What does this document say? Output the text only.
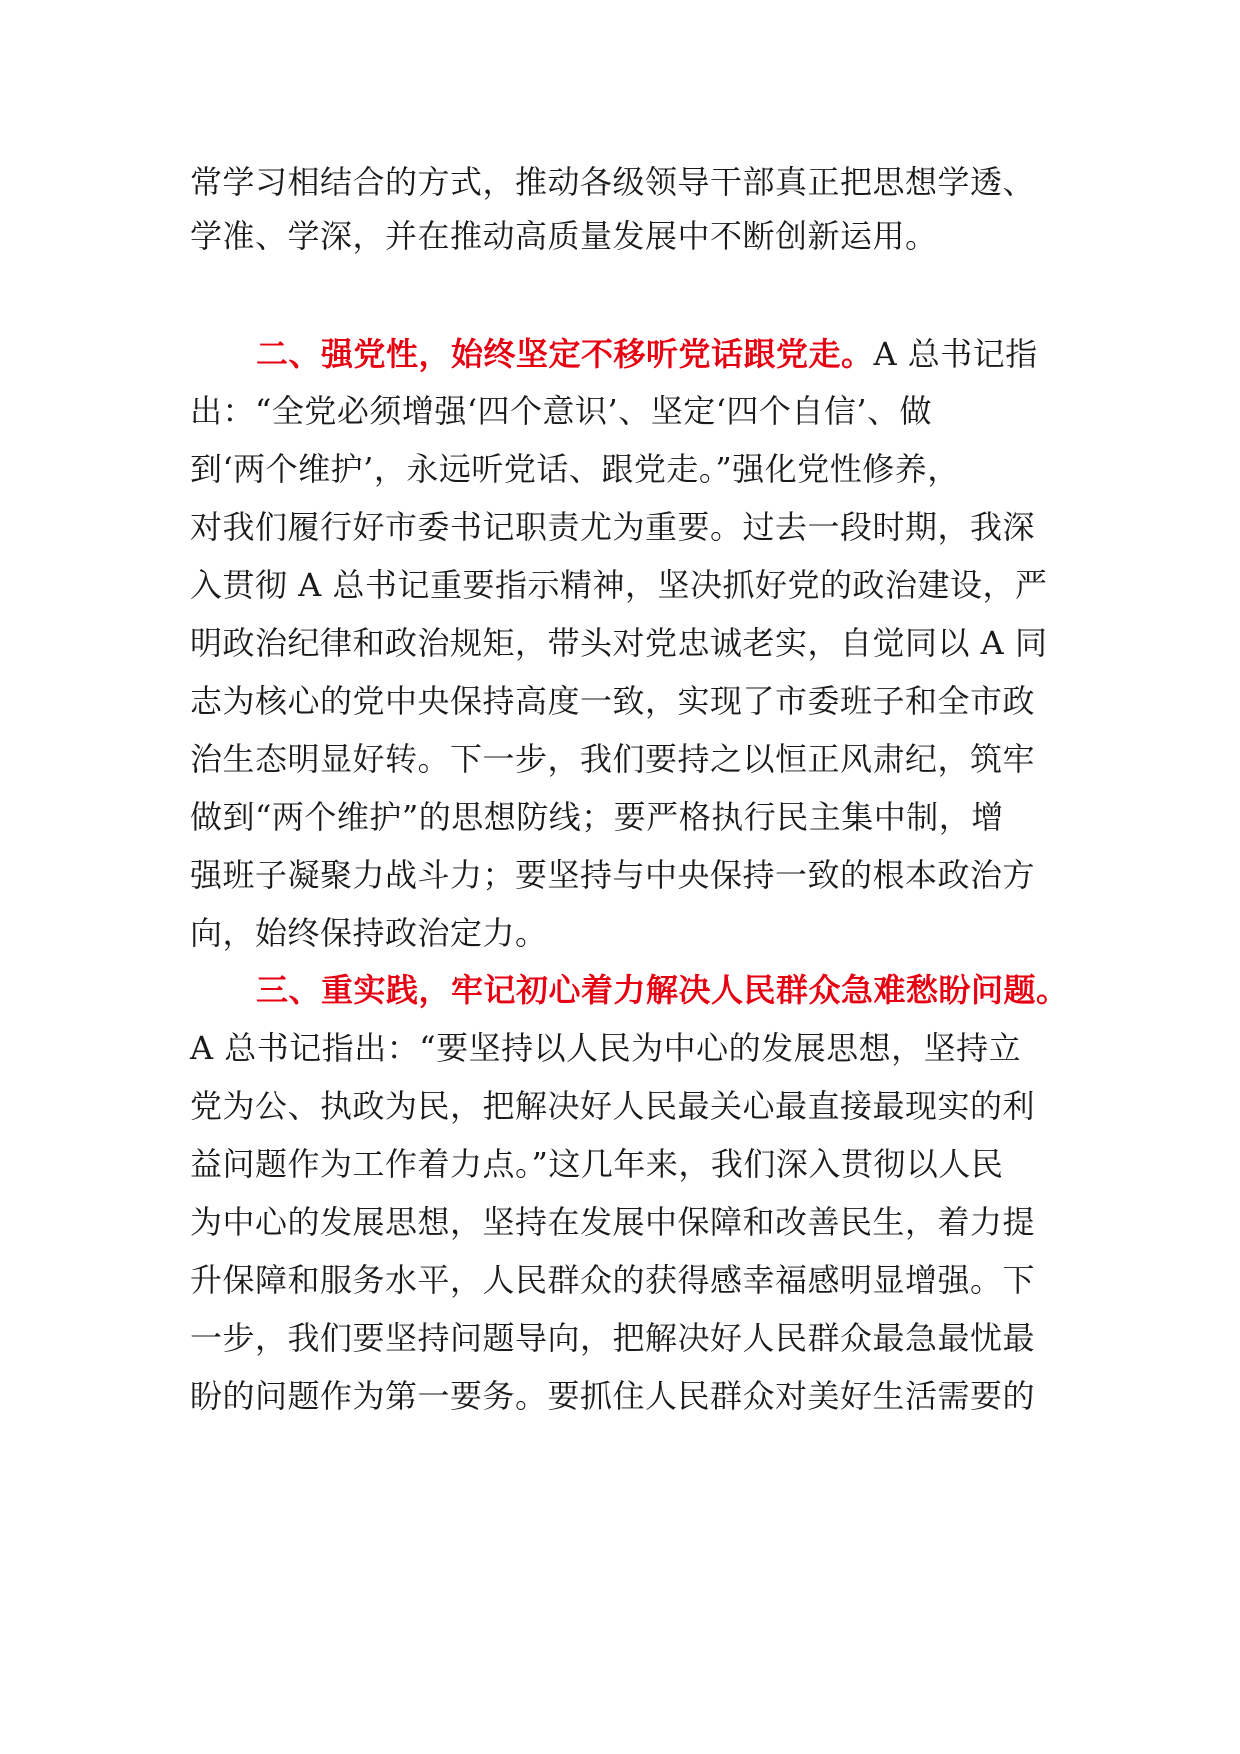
常学习相结合的方式，推动各级领导干部真正把思想学透、
学准、学深，并在推动高质量发展中不断创新运用。
二、强党性，始终坚定不移听党话跟党走。A 总书记指
出：“全党必须增强‘四个意识’、坚定‘四个自信’、做
到‘两个维护’，永远听党话、跟党走。”强化党性修养，
对我们履行好市委书记职责尤为重要。过去一段时期，我深
入贯彻 A 总书记重要指示精神，坚决抓好党的政治建设，严
明政治纪律和政治规矩，带头对党忠诚老实，自觉同以 A 同
志为核心的党中央保持高度一致，实现了市委班子和全市政
治生态明显好转。下一步，我们要持之以恒正风肃纪，筑牢
做到“两个维护”的思想防线；要严格执行民主集中制，增
强班子凝聚力战斗力；要坚持与中央保持一致的根本政治方
向，始终保持政治定力。
三、重实践，牢记初心着力解决人民群众急难愁盼问题。
A 总书记指出：“要坚持以人民为中心的发展思想，坚持立
党为公、执政为民，把解决好人民最关心最直接最现实的利
益问题作为工作着力点。”这几年来，我们深入贯彻以人民
为中心的发展思想，坚持在发展中保障和改善民生，着力提
升保障和服务水平，人民群众的获得感幸福感明显增强。下
一步，我们要坚持问题导向，把解决好人民群众最急最忧最
盼的问题作为第一要务。要抓住人民群众对美好生活需要的
